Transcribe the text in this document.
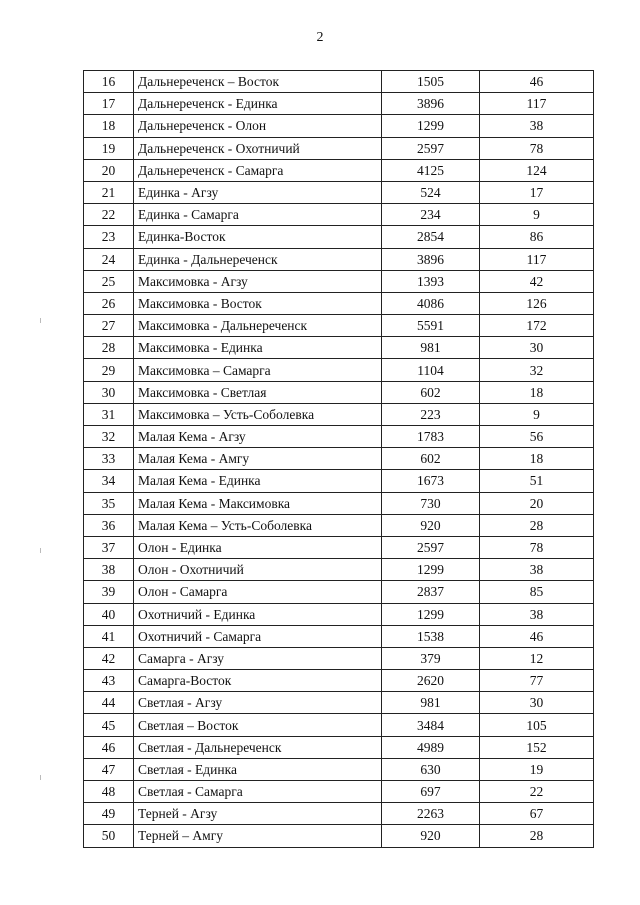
2
16	Дальнереченск – Восток	1505	46
17	Дальнереченск - Единка	3896	117
18	Дальнереченск - Олон	1299	38
19	Дальнереченск - Охотничий	2597	78
20	Дальнереченск - Самарга	4125	124
21	Единка - Агзу	524	17
22	Единка - Самарга	234	9
23	Единка-Восток	2854	86
24	Единка - Дальнереченск	3896	117
25	Максимовка - Агзу	1393	42
26	Максимовка - Восток	4086	126
27	Максимовка - Дальнереченск	5591	172
28	Максимовка - Единка	981	30
29	Максимовка – Самарга	1104	32
30	Максимовка - Светлая	602	18
31	Максимовка – Усть-Соболевка	223	9
32	Малая Кема - Агзу	1783	56
33	Малая Кема - Амгу	602	18
34	Малая Кема - Единка	1673	51
35	Малая Кема - Максимовка	730	20
36	Малая Кема – Усть-Соболевка	920	28
37	Олон - Единка	2597	78
38	Олон - Охотничий	1299	38
39	Олон - Самарга	2837	85
40	Охотничий - Единка	1299	38
41	Охотничий - Самарга	1538	46
42	Самарга - Агзу	379	12
43	Самарга-Восток	2620	77
44	Светлая - Агзу	981	30
45	Светлая – Восток	3484	105
46	Светлая - Дальнереченск	4989	152
47	Светлая - Единка	630	19
48	Светлая - Самарга	697	22
49	Терней - Агзу	2263	67
50	Терней – Амгу	920	28
